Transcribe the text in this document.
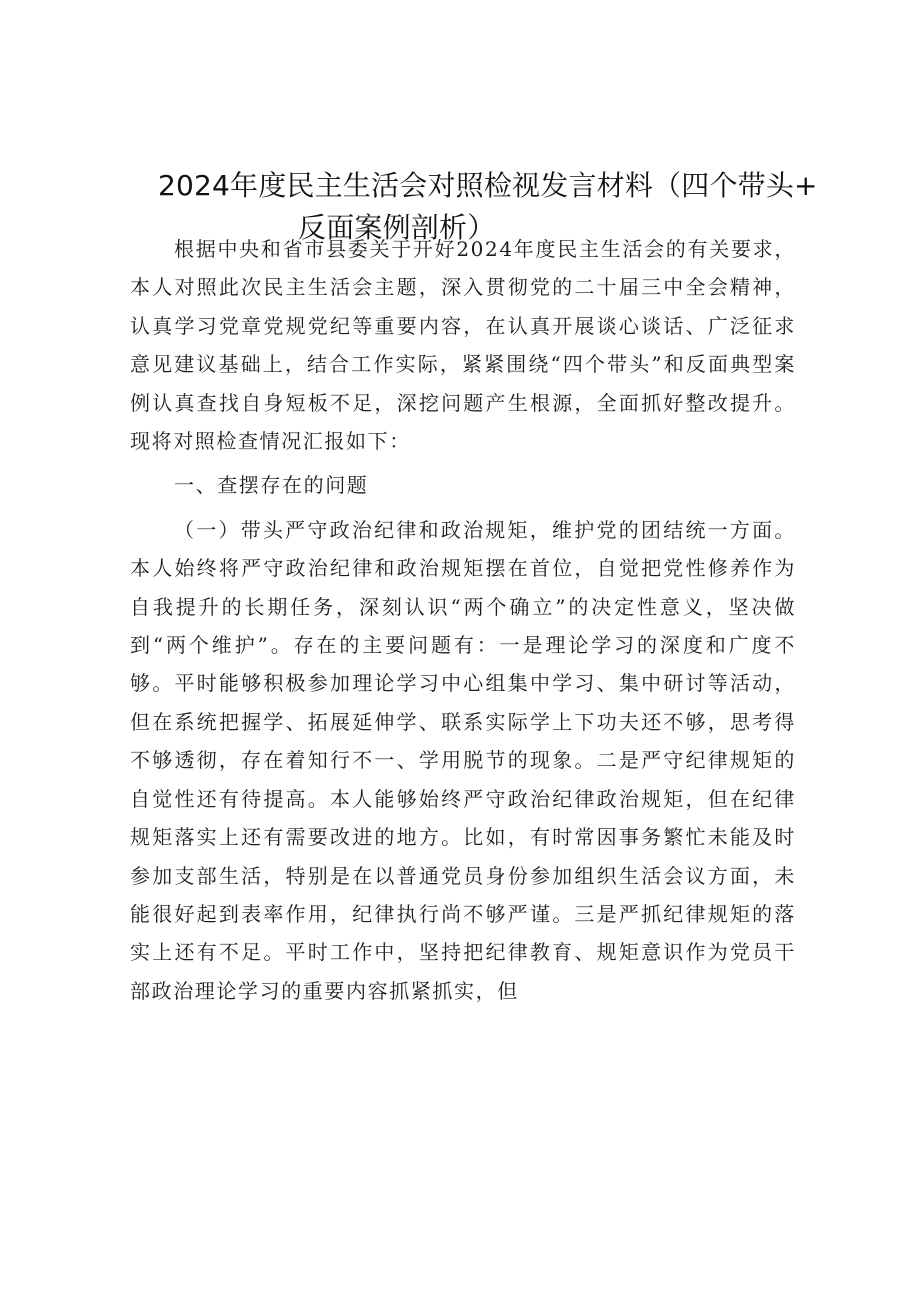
2024年度民主生活会对照检视发言材料（四个带头+
反面案例剖析）

根据中央和省市县委关于开好2024年度民主生活会的有关要求，本人对照此次民主生活会主题，深入贯彻党的二十届三中全会精神，认真学习党章党规党纪等重要内容，在认真开展谈心谈话、广泛征求意见建议基础上，结合工作实际，紧紧围绕“四个带头”和反面典型案例认真查找自身短板不足，深挖问题产生根源，全面抓好整改提升。现将对照检查情况汇报如下：

一、查摆存在的问题

（一）带头严守政治纪律和政治规矩，维护党的团结统一方面。本人始终将严守政治纪律和政治规矩摆在首位，自觉把党性修养作为自我提升的长期任务，深刻认识“两个确立”的决定性意义，坚决做到“两个维护”。存在的主要问题有：一是理论学习的深度和广度不够。平时能够积极参加理论学习中心组集中学习、集中研讨等活动，但在系统把握学、拓展延伸学、联系实际学上下功夫还不够，思考得不够透彻，存在着知行不一、学用脱节的现象。二是严守纪律规矩的自觉性还有待提高。本人能够始终严守政治纪律政治规矩，但在纪律规矩落实上还有需要改进的地方。比如，有时常因事务繁忙未能及时参加支部生活，特别是在以普通党员身份参加组织生活会议方面，未能很好起到表率作用，纪律执行尚不够严谨。三是严抓纪律规矩的落实上还有不足。平时工作中，坚持把纪律教育、规矩意识作为党员干部政治理论学习的重要内容抓紧抓实，但
